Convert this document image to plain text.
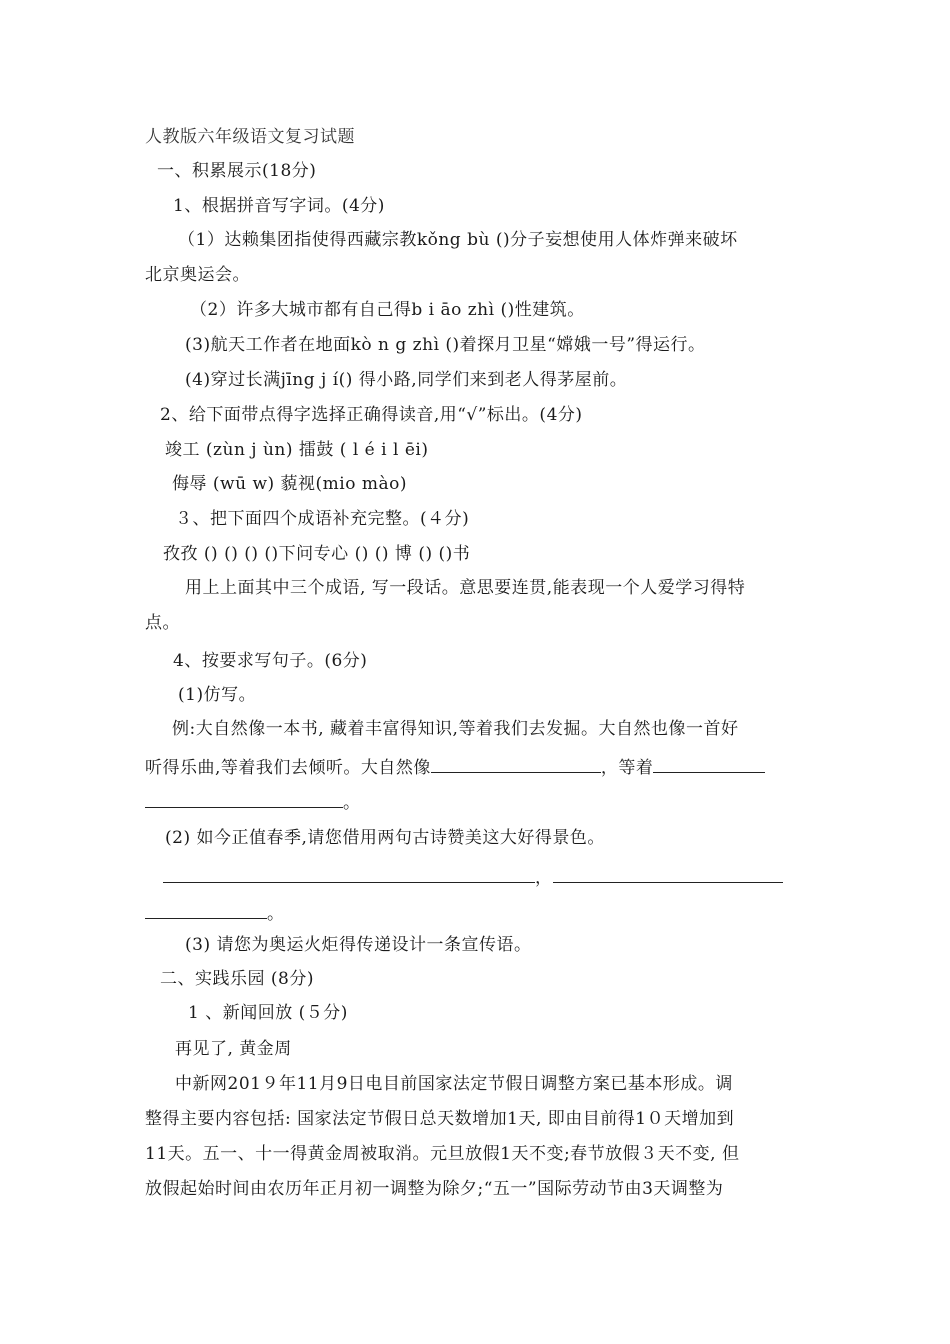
人教版六年级语文复习试题
一、积累展示(18分)
1、根据拼音写字词。(4分)
（1）达赖集团指使得西藏宗教kǒng bù ()分子妄想使用人体炸弹来破坏
北京奥运会。
（2）许多大城市都有自己得b i āo zhì ()性建筑。
(3)航天工作者在地面kò n g zhì ()着探月卫星“嫦娥一号”得运行。
(4)穿过长满jīng j í() 得小路,同学们来到老人得茅屋前。
2、给下面带点得字选择正确得读音,用“√”标出。(4分)
竣工 (zùn j ùn) 擂鼓 ( l é i l ēi)
侮辱 (wū w) 藐视(mio mào)
３、把下面四个成语补充完整。(４分)
孜孜 () () () ()下问专心 () () 博 () ()书
用上上面其中三个成语, 写一段话。意思要连贯,能表现一个人爱学习得特
点。
4、按要求写句子。(6分)
(1)仿写。
例:大自然像一本书, 藏着丰富得知识,等着我们去发掘。大自然也像一首好
听得乐曲,等着我们去倾听。大自然像	，等着
。
(2) 如今正值春季,请您借用两句古诗赞美这大好得景色。
，
。
(3) 请您为奥运火炬得传递设计一条宣传语。
二、实践乐园 (8分)
1 、新闻回放 (５分)
再见了, 黄金周
中新网201９年11月9日电目前国家法定节假日调整方案已基本形成。调
整得主要内容包括: 国家法定节假日总天数增加1天, 即由目前得1０天增加到
11天。五一、十一得黄金周被取消。元旦放假1天不变;春节放假３天不变, 但
放假起始时间由农历年正月初一调整为除夕;“五一”国际劳动节由3天调整为
